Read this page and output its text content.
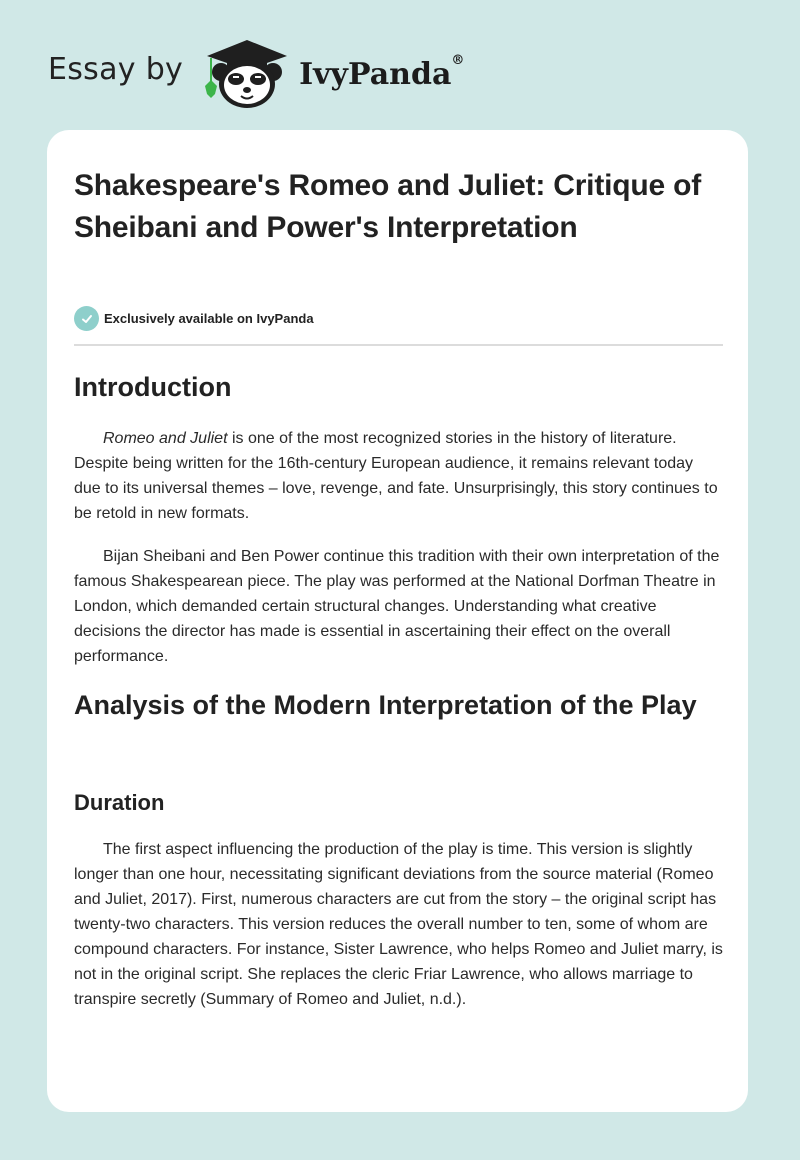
Essay by	IvyPanda®
Shakespeare's Romeo and Juliet: Critique of Sheibani and Power's Interpretation
Exclusively available on IvyPanda
Introduction

Romeo and Juliet is one of the most recognized stories in the history of literature. Despite being written for the 16th-century European audience, it remains relevant today due to its universal themes – love, revenge, and fate. Unsurprisingly, this story continues to be retold in new formats.

Bijan Sheibani and Ben Power continue this tradition with their own interpretation of the famous Shakespearean piece. The play was performed at the National Dorfman Theatre in London, which demanded certain structural changes. Understanding what creative decisions the director has made is essential in ascertaining their effect on the overall performance.

Analysis of the Modern Interpretation of the Play
Duration

The first aspect influencing the production of the play is time. This version is slightly longer than one hour, necessitating significant deviations from the source material (Romeo and Juliet, 2017). First, numerous characters are cut from the story – the original script has twenty-two characters. This version reduces the overall number to ten, some of whom are compound characters. For instance, Sister Lawrence, who helps Romeo and Juliet marry, is not in the original script. She replaces the cleric Friar Lawrence, who allows marriage to transpire secretly (Summary of Romeo and Juliet, n.d.).
